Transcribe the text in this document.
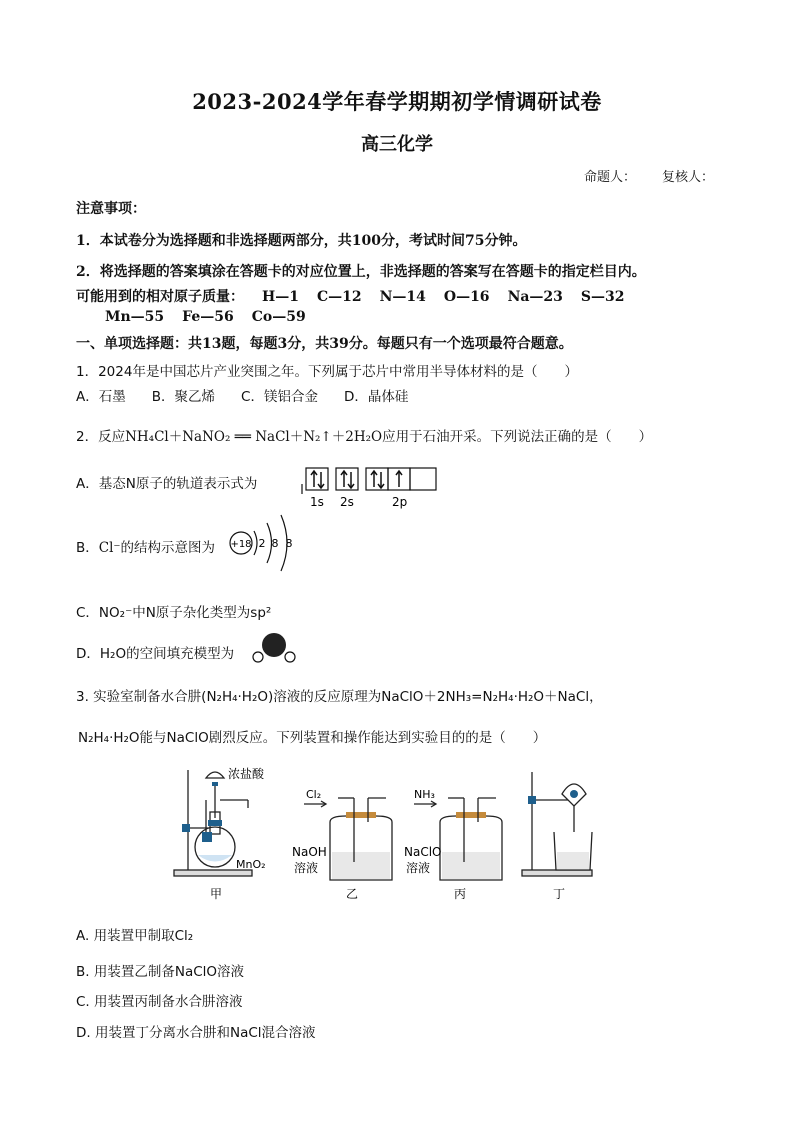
2023-2024学年春学期期初学情调研试卷
高三化学
命题人： 复核人：
注意事项：
1．本试卷分为选择题和非选择题两部分，共100分，考试时间75分钟。
2．将选择题的答案填涂在答题卡的对应位置上，非选择题的答案写在答题卡的指定栏目内。
可能用到的相对原子质量： H—1 C—12 N—14 O—16 Na—23 S—32
Mn—55 Fe—56 Co—59
一、单项选择题：共13题，每题3分，共39分。每题只有一个选项最符合题意。
1．2024年是中国芯片产业突围之年。下列属于芯片中常用半导体材料的是（　　）
A．石墨 B．聚乙烯 C．镁铝合金 D．晶体硅
2．反应NH₄Cl＋NaNO₂ ══ NaCl＋N₂↑＋2H₂O应用于石油开采。下列说法正确的是（　　）
A．基态N原子的轨道表示式为
1s 2s	2p
B．Cl⁻的结构示意图为 +18 2 8 8
C．NO₂⁻中N原子杂化类型为sp²
D．H₂O的空间填充模型为
3. 实验室制备水合肼(N₂H₄·H₂O)溶液的反应原理为NaClO＋2NH₃=N₂H₄·H₂O＋NaCl，
N₂H₄·H₂O能与NaClO剧烈反应。下列装置和操作能达到实验目的的是（　　）
浓盐酸
MnO₂
甲
Cl₂
NaOH
溶液
乙
NH₃
NaClO
溶液
丙	丁
A. 用装置甲制取Cl₂
B. 用装置乙制备NaClO溶液
C. 用装置丙制备水合肼溶液
D. 用装置丁分离水合肼和NaCl混合溶液
